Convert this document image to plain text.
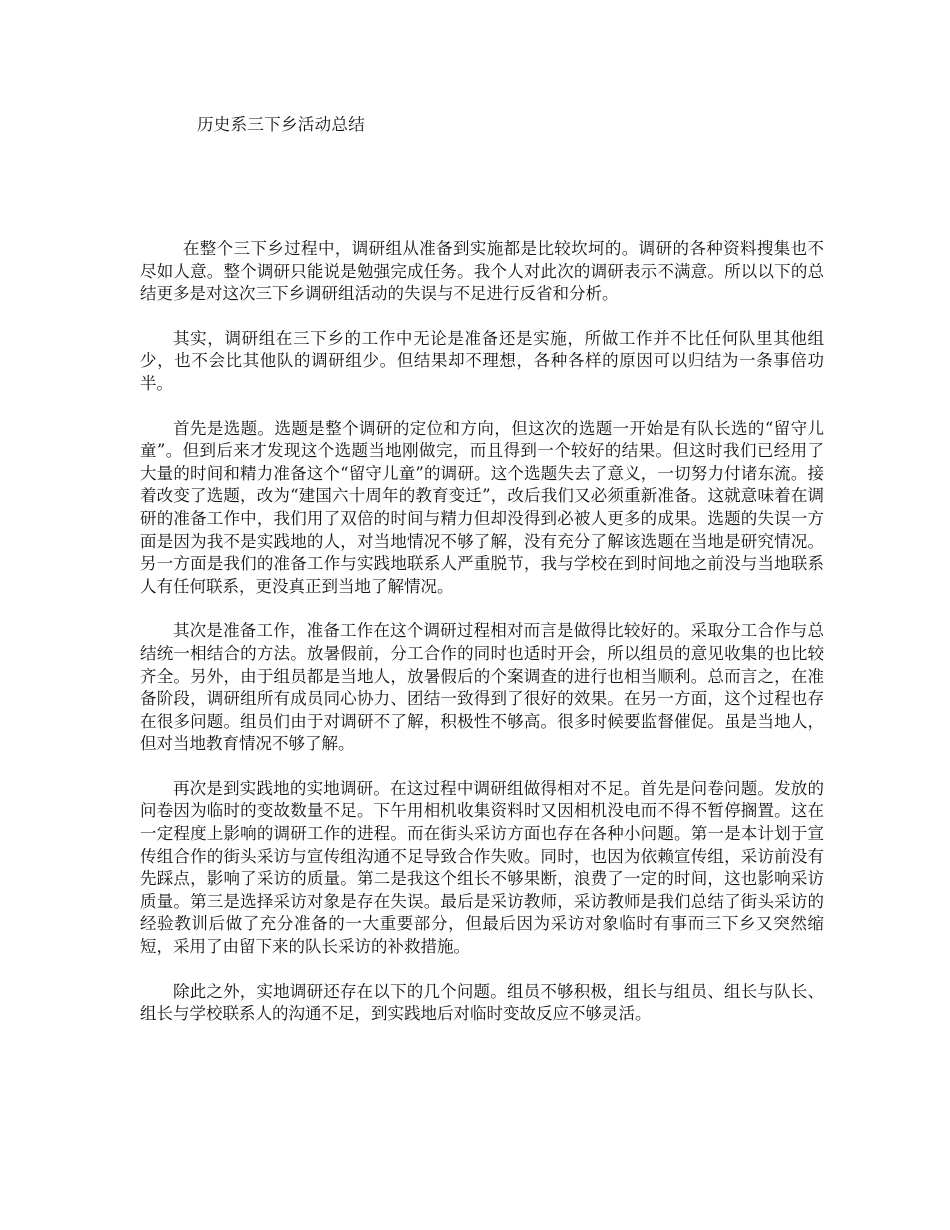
历史系三下乡活动总结

在整个三下乡过程中，调研组从准备到实施都是比较坎坷的。调研的各种资料搜集也不尽如人意。整个调研只能说是勉强完成任务。我个人对此次的调研表示不满意。所以以下的总结更多是对这次三下乡调研组活动的失误与不足进行反省和分析。

其实，调研组在三下乡的工作中无论是准备还是实施，所做工作并不比任何队里其他组少，也不会比其他队的调研组少。但结果却不理想，各种各样的原因可以归结为一条事倍功半。

首先是选题。选题是整个调研的定位和方向，但这次的选题一开始是有队长选的“留守儿童”。但到后来才发现这个选题当地刚做完，而且得到一个较好的结果。但这时我们已经用了大量的时间和精力准备这个“留守儿童”的调研。这个选题失去了意义，一切努力付诸东流。接着改变了选题，改为“建国六十周年的教育变迁”，改后我们又必须重新准备。这就意味着在调研的准备工作中，我们用了双倍的时间与精力但却没得到必被人更多的成果。选题的失误一方面是因为我不是实践地的人，对当地情况不够了解，没有充分了解该选题在当地是研究情况。另一方面是我们的准备工作与实践地联系人严重脱节，我与学校在到时间地之前没与当地联系人有任何联系，更没真正到当地了解情况。

其次是准备工作，准备工作在这个调研过程相对而言是做得比较好的。采取分工合作与总结统一相结合的方法。放暑假前，分工合作的同时也适时开会，所以组员的意见收集的也比较齐全。另外，由于组员都是当地人，放暑假后的个案调查的进行也相当顺利。总而言之，在准备阶段，调研组所有成员同心协力、团结一致得到了很好的效果。在另一方面，这个过程也存在很多问题。组员们由于对调研不了解，积极性不够高。很多时候要监督催促。虽是当地人，但对当地教育情况不够了解。

再次是到实践地的实地调研。在这过程中调研组做得相对不足。首先是问卷问题。发放的问卷因为临时的变故数量不足。下午用相机收集资料时又因相机没电而不得不暂停搁置。这在一定程度上影响的调研工作的进程。而在街头采访方面也存在各种小问题。第一是本计划于宣传组合作的街头采访与宣传组沟通不足导致合作失败。同时，也因为依赖宣传组，采访前没有先踩点，影响了采访的质量。第二是我这个组长不够果断，浪费了一定的时间，这也影响采访质量。第三是选择采访对象是存在失误。最后是采访教师，采访教师是我们总结了街头采访的经验教训后做了充分准备的一大重要部分，但最后因为采访对象临时有事而三下乡又突然缩短，采用了由留下来的队长采访的补救措施。

除此之外，实地调研还存在以下的几个问题。组员不够积极，组长与组员、组长与队长、组长与学校联系人的沟通不足，到实践地后对临时变故反应不够灵活。
